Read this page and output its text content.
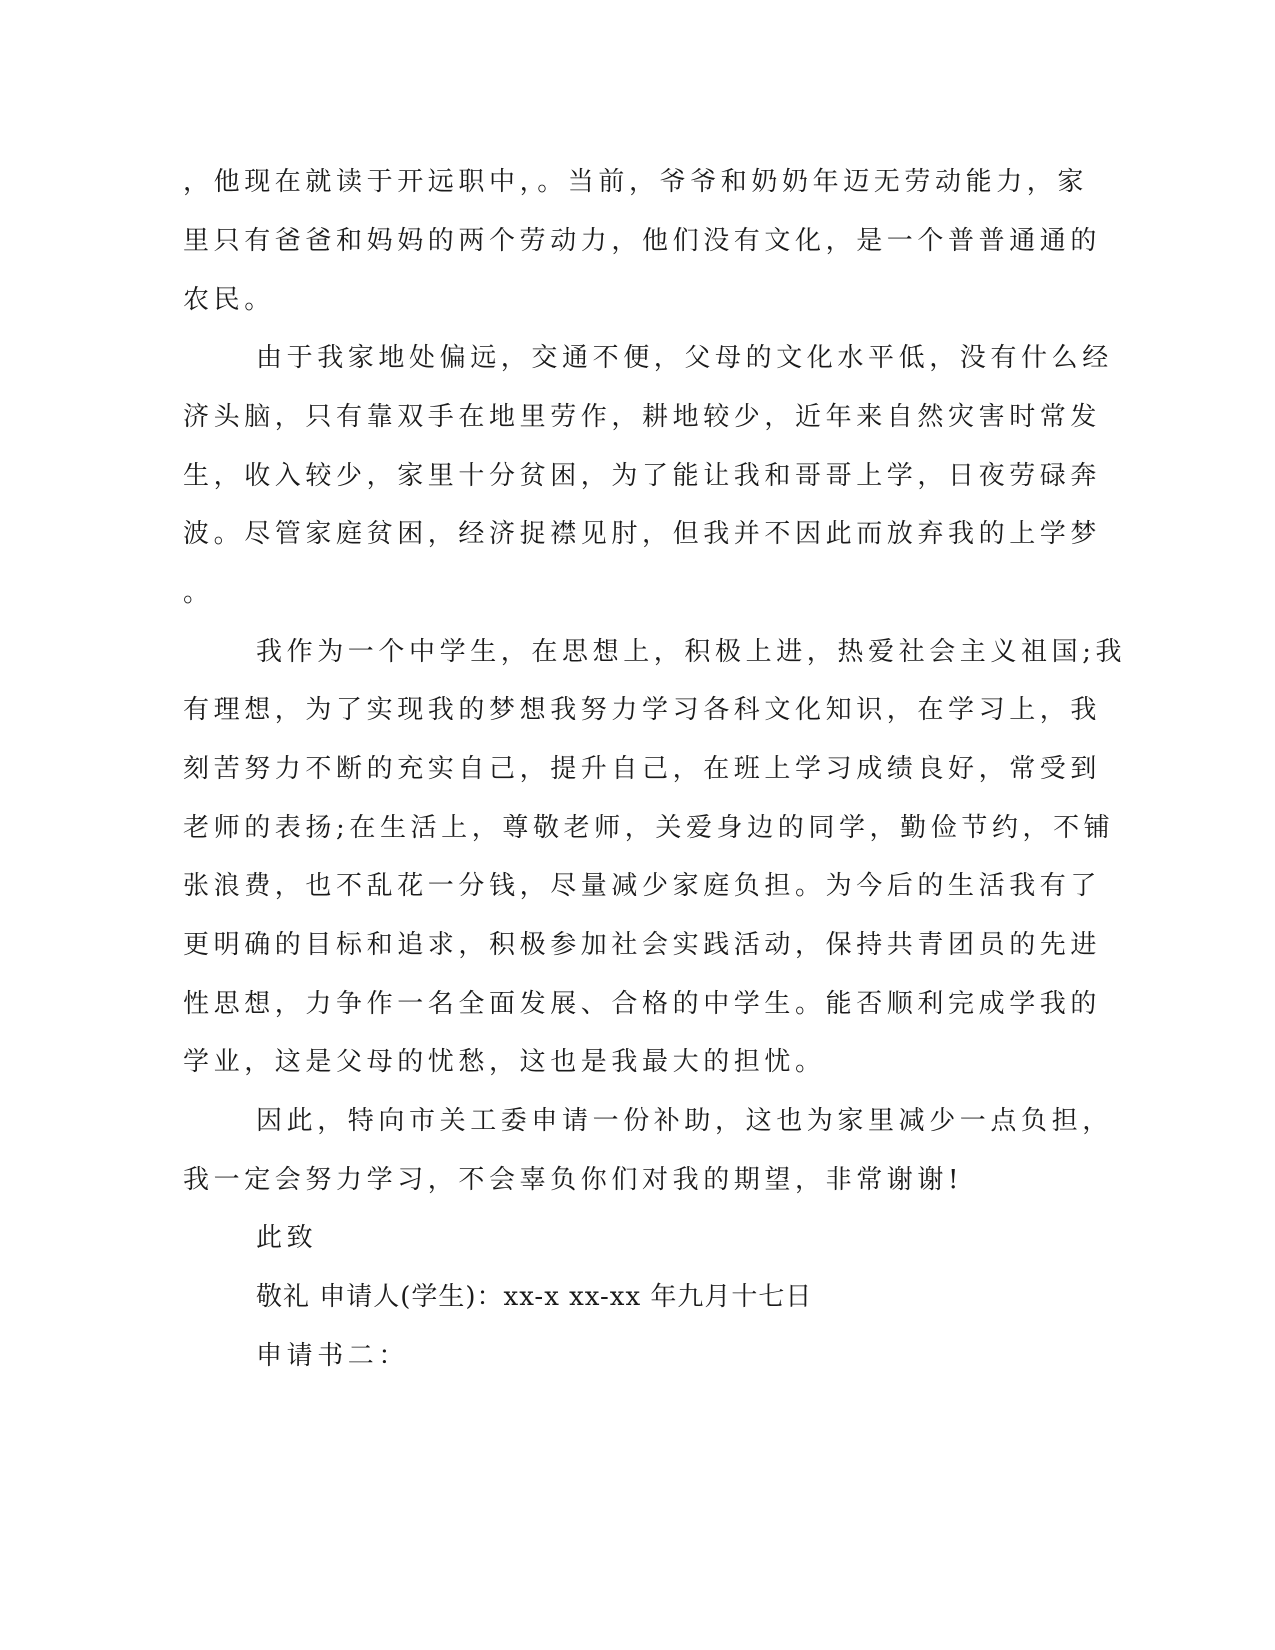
，他现在就读于开远职中，。当前，爷爷和奶奶年迈无劳动能力，家
里只有爸爸和妈妈的两个劳动力，他们没有文化，是一个普普通通的
农民。
由于我家地处偏远，交通不便，父母的文化水平低，没有什么经
济头脑，只有靠双手在地里劳作，耕地较少，近年来自然灾害时常发
生，收入较少，家里十分贫困，为了能让我和哥哥上学，日夜劳碌奔
波。尽管家庭贫困，经济捉襟见肘，但我并不因此而放弃我的上学梦
。
我作为一个中学生，在思想上，积极上进，热爱社会主义祖国;我
有理想，为了实现我的梦想我努力学习各科文化知识，在学习上，我
刻苦努力不断的充实自己，提升自己，在班上学习成绩良好，常受到
老师的表扬;在生活上，尊敬老师，关爱身边的同学，勤俭节约，不铺
张浪费，也不乱花一分钱，尽量减少家庭负担。为今后的生活我有了
更明确的目标和追求，积极参加社会实践活动，保持共青团员的先进
性思想，力争作一名全面发展、合格的中学生。能否顺利完成学我的
学业，这是父母的忧愁，这也是我最大的担忧。
因此，特向市关工委申请一份补助，这也为家里减少一点负担，
我一定会努力学习，不会辜负你们对我的期望，非常谢谢!
此致
敬礼 申请人(学生)：xx-x xx-xx 年九月十七日
申请书二：
